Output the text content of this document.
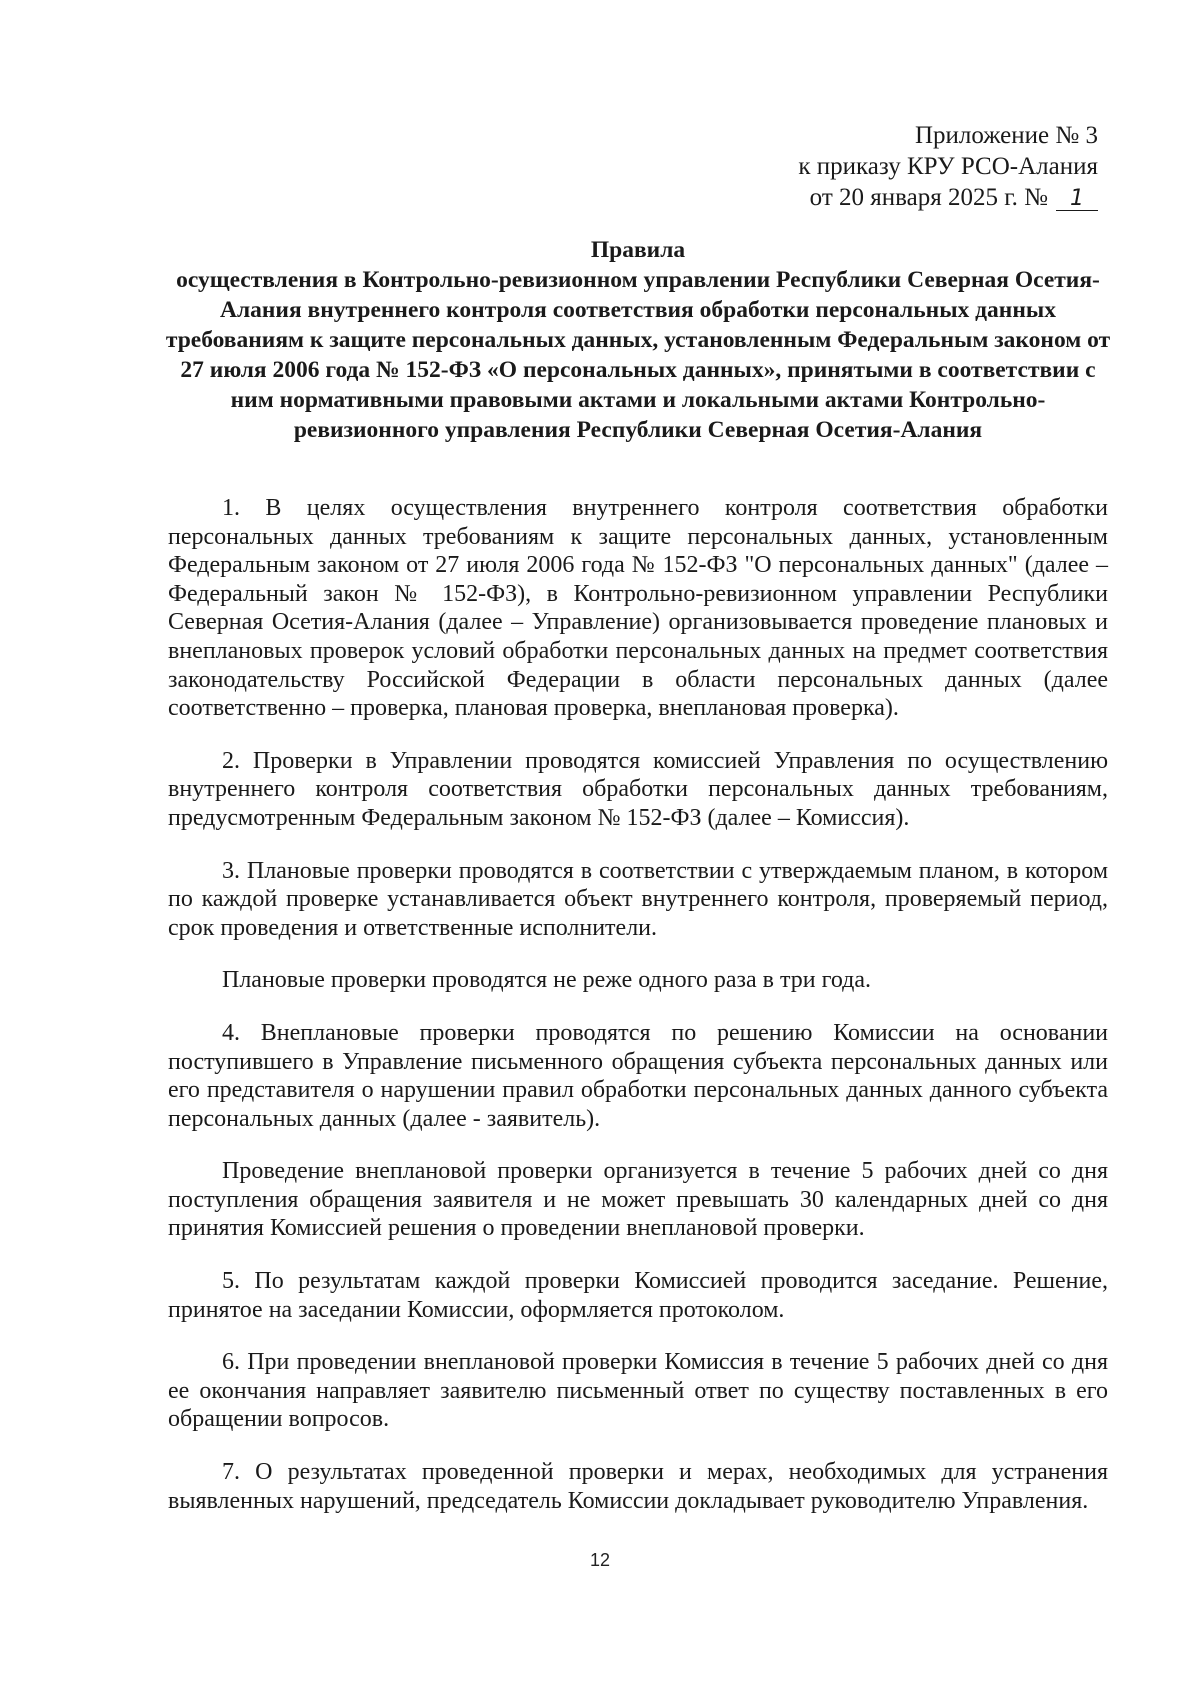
Приложение № 3
к приказу КРУ РСО-Алания
от 20 января 2025 г. № 1
Правила
осуществления в Контрольно-ревизионном управлении Республики Северная Осетия-Алания внутреннего контроля соответствия обработки персональных данных требованиям к защите персональных данных, установленным Федеральным законом от 27 июля 2006 года № 152-ФЗ «О персональных данных», принятыми в соответствии с ним нормативными правовыми актами и локальными актами Контрольно-ревизионного управления Республики Северная Осетия-Алания

1. В целях осуществления внутреннего контроля соответствия обработки персональных данных требованиям к защите персональных данных, установленным Федеральным законом от 27 июля 2006 года № 152-ФЗ "О персональных данных" (далее – Федеральный закон № 152-ФЗ), в Контрольно-ревизионном управлении Республики Северная Осетия-Алания (далее – Управление) организовывается проведение плановых и внеплановых проверок условий обработки персональных данных на предмет соответствия законодательству Российской Федерации в области персональных данных (далее соответственно – проверка, плановая проверка, внеплановая проверка).

2. Проверки в Управлении проводятся комиссией Управления по осуществлению внутреннего контроля соответствия обработки персональных данных требованиям, предусмотренным Федеральным законом № 152-ФЗ (далее – Комиссия).

3. Плановые проверки проводятся в соответствии с утверждаемым планом, в котором по каждой проверке устанавливается объект внутреннего контроля, проверяемый период, срок проведения и ответственные исполнители.

Плановые проверки проводятся не реже одного раза в три года.

4. Внеплановые проверки проводятся по решению Комиссии на основании поступившего в Управление письменного обращения субъекта персональных данных или его представителя о нарушении правил обработки персональных данных данного субъекта персональных данных (далее - заявитель).

Проведение внеплановой проверки организуется в течение 5 рабочих дней со дня поступления обращения заявителя и не может превышать 30 календарных дней со дня принятия Комиссией решения о проведении внеплановой проверки.

5. По результатам каждой проверки Комиссией проводится заседание. Решение, принятое на заседании Комиссии, оформляется протоколом.

6. При проведении внеплановой проверки Комиссия в течение 5 рабочих дней со дня ее окончания направляет заявителю письменный ответ по существу поставленных в его обращении вопросов.

7. О результатах проведенной проверки и мерах, необходимых для устранения выявленных нарушений, председатель Комиссии докладывает руководителю Управления.

12
